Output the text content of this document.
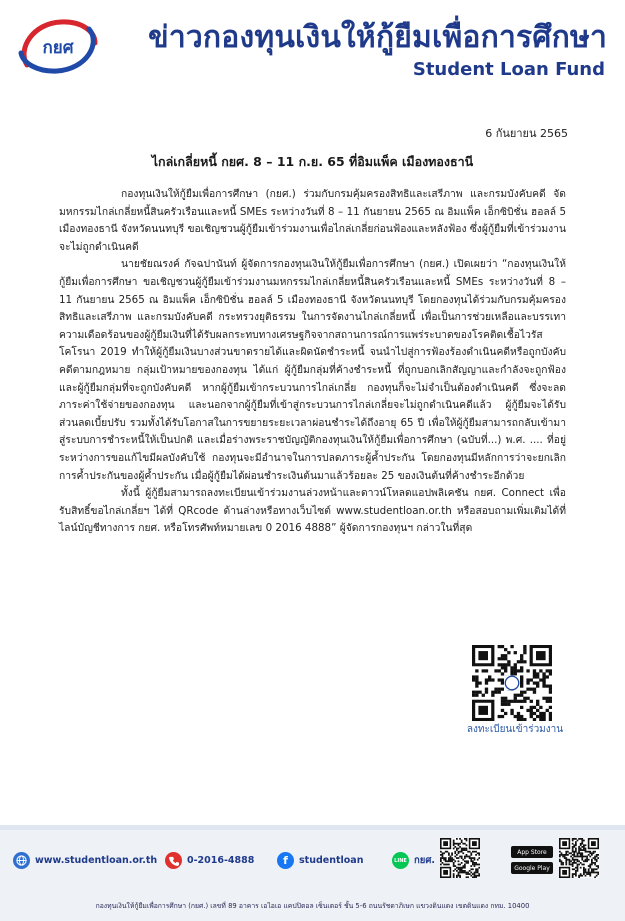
กยศ ข่าวกองทุนเงินให้กู้ยืมเพื่อการศึกษา
Student Loan Fund
6 กันยายน 2565
ไกล่เกลี่ยหนี้ กยศ. 8 – 11 ก.ย. 65 ที่อิมแพ็ค เมืองทองธานี

กองทุนเงินให้กู้ยืมเพื่อการศึกษา (กยศ.) ร่วมกับกรมคุ้มครองสิทธิและเสรีภาพ และกรมบังคับคดี จัดมหกรรมไกล่เกลี่ยหนี้สินครัวเรือนและหนี้ SMEs ระหว่างวันที่ 8 – 11 กันยายน 2565 ณ อิมแพ็ค เอ็กซิบิชั่น ฮอลล์ 5 เมืองทองธานี จังหวัดนนทบุรี ขอเชิญชวนผู้กู้ยืมเข้าร่วมงานเพื่อไกล่เกลี่ยก่อนฟ้องและหลังฟ้อง ซึ่งผู้กู้ยืมที่เข้าร่วมงานจะไม่ถูกดำเนินคดี

นายชัยณรงค์ กัจฉปานันท์ ผู้จัดการกองทุนเงินให้กู้ยืมเพื่อการศึกษา (กยศ.) เปิดเผยว่า “กองทุนเงินให้กู้ยืมเพื่อการศึกษา ขอเชิญชวนผู้กู้ยืมเข้าร่วมงานมหกรรมไกล่เกลี่ยหนี้สินครัวเรือนและหนี้ SMEs ระหว่างวันที่ 8 – 11 กันยายน 2565 ณ อิมแพ็ค เอ็กซิบิชั่น ฮอลล์ 5 เมืองทองธานี จังหวัดนนทบุรี โดยกองทุนได้ร่วมกับกรมคุ้มครองสิทธิและเสรีภาพ และกรมบังคับคดี กระทรวงยุติธรรม ในการจัดงานไกล่เกลี่ยหนี้ เพื่อเป็นการช่วยเหลือและบรรเทาความเดือดร้อนของผู้กู้ยืมเงินที่ได้รับผลกระทบทางเศรษฐกิจจากสถานการณ์การแพร่ระบาดของโรคติดเชื้อไวรัสโคโรนา 2019 ทำให้ผู้กู้ยืมเงินบางส่วนขาดรายได้และผิดนัดชำระหนี้ จนนำไปสู่การฟ้องร้องดำเนินคดีหรือถูกบังคับคดีตามกฎหมาย กลุ่มเป้าหมายของกองทุน ได้แก่ ผู้กู้ยืมกลุ่มที่ค้างชำระหนี้ ที่ถูกบอกเลิกสัญญาและกำลังจะถูกฟ้อง และผู้กู้ยืมกลุ่มที่จะถูกบังคับคดี หากผู้กู้ยืมเข้ากระบวนการไกล่เกลี่ย กองทุนก็จะไม่จำเป็นต้องดำเนินคดี ซึ่งจะลดภาระค่าใช้จ่ายของกองทุน และนอกจากผู้กู้ยืมที่เข้าสู่กระบวนการไกล่เกลี่ยจะไม่ถูกดำเนินคดีแล้ว ผู้กู้ยืมจะได้รับส่วนลดเบี้ยปรับ รวมทั้งได้รับโอกาสในการขยายระยะเวลาผ่อนชำระได้ถึงอายุ 65 ปี เพื่อให้ผู้กู้ยืมสามารถกลับเข้ามาสู่ระบบการชำระหนี้ให้เป็นปกติ และเมื่อร่างพระราชบัญญัติกองทุนเงินให้กู้ยืมเพื่อการศึกษา (ฉบับที่...) พ.ศ. .... ที่อยู่ระหว่างการขอแก้ไขมีผลบังคับใช้ กองทุนจะมีอำนาจในการปลดภาระผู้ค้ำประกัน โดยกองทุนมีหลักการว่าจะยกเลิกการค้ำประกันของผู้ค้ำประกัน เมื่อผู้กู้ยืมได้ผ่อนชำระเงินต้นมาแล้วร้อยละ 25 ของเงินต้นที่ค้างชำระอีกด้วย

ทั้งนี้ ผู้กู้ยืมสามารถลงทะเบียนเข้าร่วมงานล่วงหน้าและดาวน์โหลดแอปพลิเคชัน กยศ. Connect เพื่อรับสิทธิ์ขอไกล่เกลี่ยฯ ได้ที่ QRcode ด้านล่างหรือทางเว็บไซต์ www.studentloan.or.th หรือสอบถามเพิ่มเติมได้ที่ไลน์บัญชีทางการ กยศ. หรือโทรศัพท์หมายเลข 0 2016 4888” ผู้จัดการกองทุนฯ กล่าวในที่สุด

ลงทะเบียนเข้าร่วมงาน
www.studentloan.or.th	0-2016-4888	f	studentloan	LINE กยศ.
App Store
Google Play
กองทุนเงินให้กู้ยืมเพื่อการศึกษา (กยศ.) เลขที่ 89 อาคาร เอไอเอ แคปปิตอล เซ็นเตอร์ ชั้น 5-6 ถนนรัชดาภิเษก แขวงดินแดง เขตดินแดง กทม. 10400
